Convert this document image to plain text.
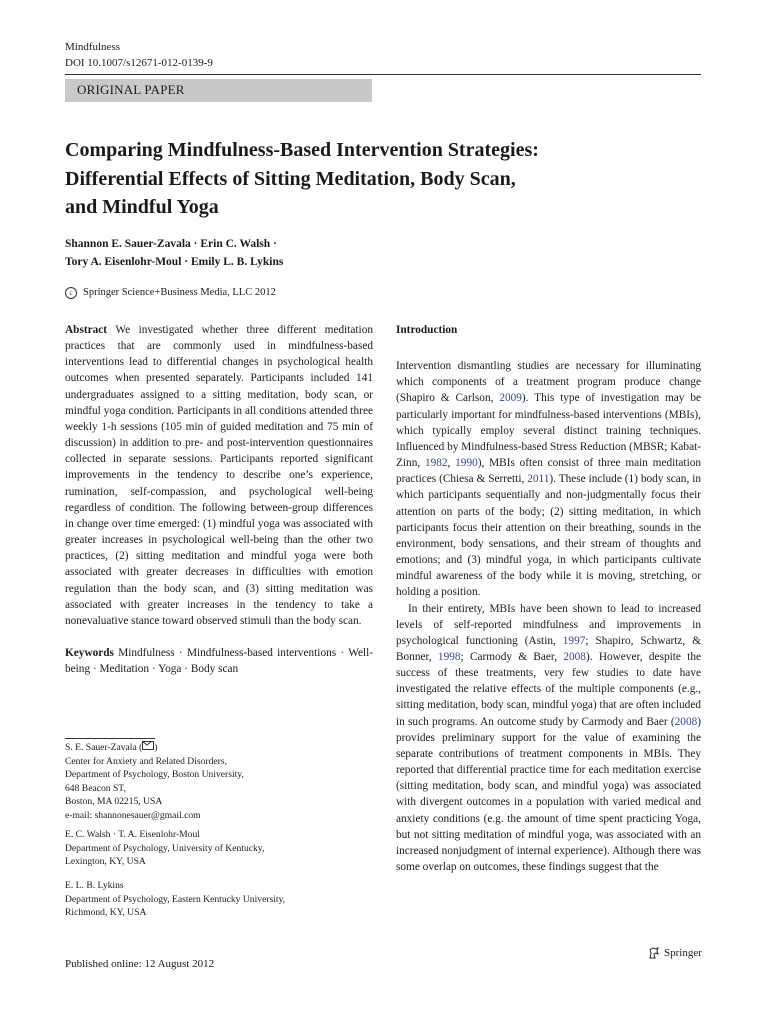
Mindfulness
DOI 10.1007/s12671-012-0139-9
ORIGINAL PAPER
Comparing Mindfulness-Based Intervention Strategies:
Differential Effects of Sitting Meditation, Body Scan,
and Mindful Yoga
Shannon E. Sauer-Zavala · Erin C. Walsh ·
Tory A. Eisenlohr-Moul · Emily L. B. Lykins
c Springer Science+Business Media, LLC 2012

Abstract We investigated whether three different meditation practices that are commonly used in mindfulness-based interventions lead to differential changes in psychological health outcomes when presented separately. Participants included 141 undergraduates assigned to a sitting meditation, body scan, or mindful yoga condition. Participants in all conditions attended three weekly 1-h sessions (105 min of guided meditation and 75 min of discussion) in addition to pre- and post-intervention questionnaires collected in separate sessions. Participants reported significant improvements in the tendency to describe one’s experience, rumination, self-compassion, and psychological well-being regardless of condition. The following between-group differences in change over time emerged: (1) mindful yoga was associated with greater increases in psychological well-being than the other two practices, (2) sitting meditation and mindful yoga were both associated with greater decreases in difficulties with emotion regulation than the body scan, and (3) sitting meditation was associated with greater increases in the tendency to take a nonevaluative stance toward observed stimuli than the body scan.

Keywords Mindfulness · Mindfulness-based interventions · Well-being · Meditation · Yoga · Body scan

S. E. Sauer-Zavala ( )
Center for Anxiety and Related Disorders,
Department of Psychology, Boston University,
648 Beacon ST,
Boston, MA 02215, USA
e-mail: shannonesauer@gmail.com
E. C. Walsh · T. A. Eisenlohr-Moul
Department of Psychology, University of Kentucky,
Lexington, KY, USA
E. L. B. Lykins
Department of Psychology, Eastern Kentucky University,
Richmond, KY, USA

Introduction

Intervention dismantling studies are necessary for illuminating which components of a treatment program produce change (Shapiro & Carlson, 2009). This type of investigation may be particularly important for mindfulness-based interventions (MBIs), which typically employ several distinct training techniques. Influenced by Mindfulness-based Stress Reduction (MBSR; Kabat-Zinn, 1982, 1990), MBIs often consist of three main meditation practices (Chiesa & Serretti, 2011). These include (1) body scan, in which participants sequentially and non-judgmentally focus their attention on parts of the body; (2) sitting meditation, in which participants focus their attention on their breathing, sounds in the environment, body sensations, and their stream of thoughts and emotions; and (3) mindful yoga, in which participants cultivate mindful awareness of the body while it is moving, stretching, or holding a position.

In their entirety, MBIs have been shown to lead to increased levels of self-reported mindfulness and improvements in psychological functioning (Astin, 1997; Shapiro, Schwartz, & Bonner, 1998; Carmody & Baer, 2008). However, despite the success of these treatments, very few studies to date have investigated the relative effects of the multiple components (e.g., sitting meditation, body scan, mindful yoga) that are often included in such programs. An outcome study by Carmody and Baer (2008) provides preliminary support for the value of examining the separate contributions of treatment components in MBIs. They reported that differential practice time for each meditation exercise (sitting meditation, body scan, and mindful yoga) was associated with divergent outcomes in a population with varied medical and anxiety conditions (e.g. the amount of time spent practicing Yoga, but not sitting meditation of mindful yoga, was associated with an increased nonjudgment of internal experience). Although there was some overlap on outcomes, these findings suggest that the

Published online: 12 August 2012
Springer
